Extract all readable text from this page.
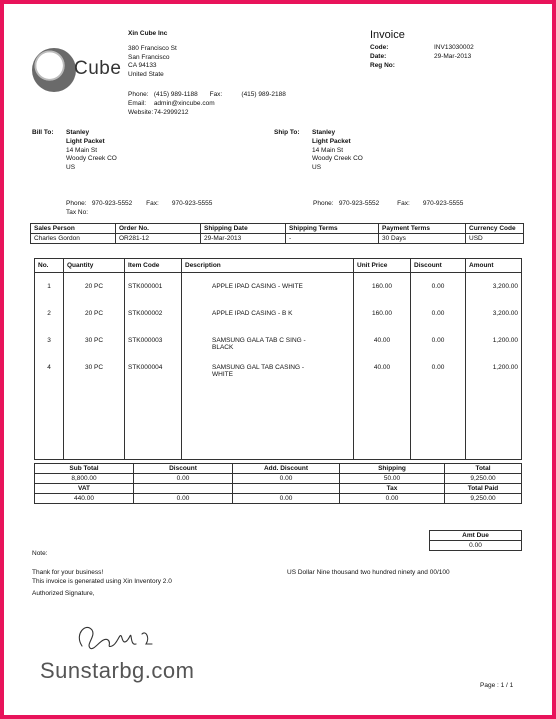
Cube
Xin Cube Inc
380 Francisco St
San Francisco
CA 94133
United State
Phone: (415) 989-1188 Fax:	(415) 989-2188
Email: admin@xincube.com
Website: 74-2999212
Invoice
Code:	INV13030002
Date:	29-Mar-2013
Reg No:
Bill To: Stanley
Light Packet
14 Main St
Woody Creek CO
US
Phone: 970-923-5552 Fax: 970-923-5555
Tax No:
Ship To: Stanley
Light Packet
14 Main St
Woody Creek CO
US
Phone: 970-923-5552	Fax: 970-923-5555
Sales Person	Order No.	Shipping Date	Shipping Terms	Payment Terms	Currency Code
Charles Gordon	OR281-12	29-Mar-2013	-	30 Days	USD
No.	Quantity	Item Code	Description	Unit Price	Discount	Amount
1	20 PC	STK000001	APPLE IPAD CASING - WHITE	160.00	0.00	3,200.00
2	20 PC	STK000002	APPLE IPAD CASING - B K	160.00	0.00	3,200.00
3	30 PC	STK000003	SAMSUNG GALA TAB C SING -
BLACK	40.00	0.00	1,200.00
4	30 PC	STK000004	SAMSUNG GAL TAB CASING -
WHITE	40.00	0.00	1,200.00

Sub Total	Discount	Add. Discount	Shipping	Total
8,800.00	0.00	0.00	50.00	9,250.00
VAT			Tax	Total Paid
440.00	0.00	0.00	0.00	9,250.00
Amt Due
0.00
Note:
Thank for your business!
This invoice is generated using Xin Inventory 2.0
Authorized Signature,
US Dollar Nine thousand two hundred ninety and 00/100
Sunstarbg.com
Page : 1 / 1
